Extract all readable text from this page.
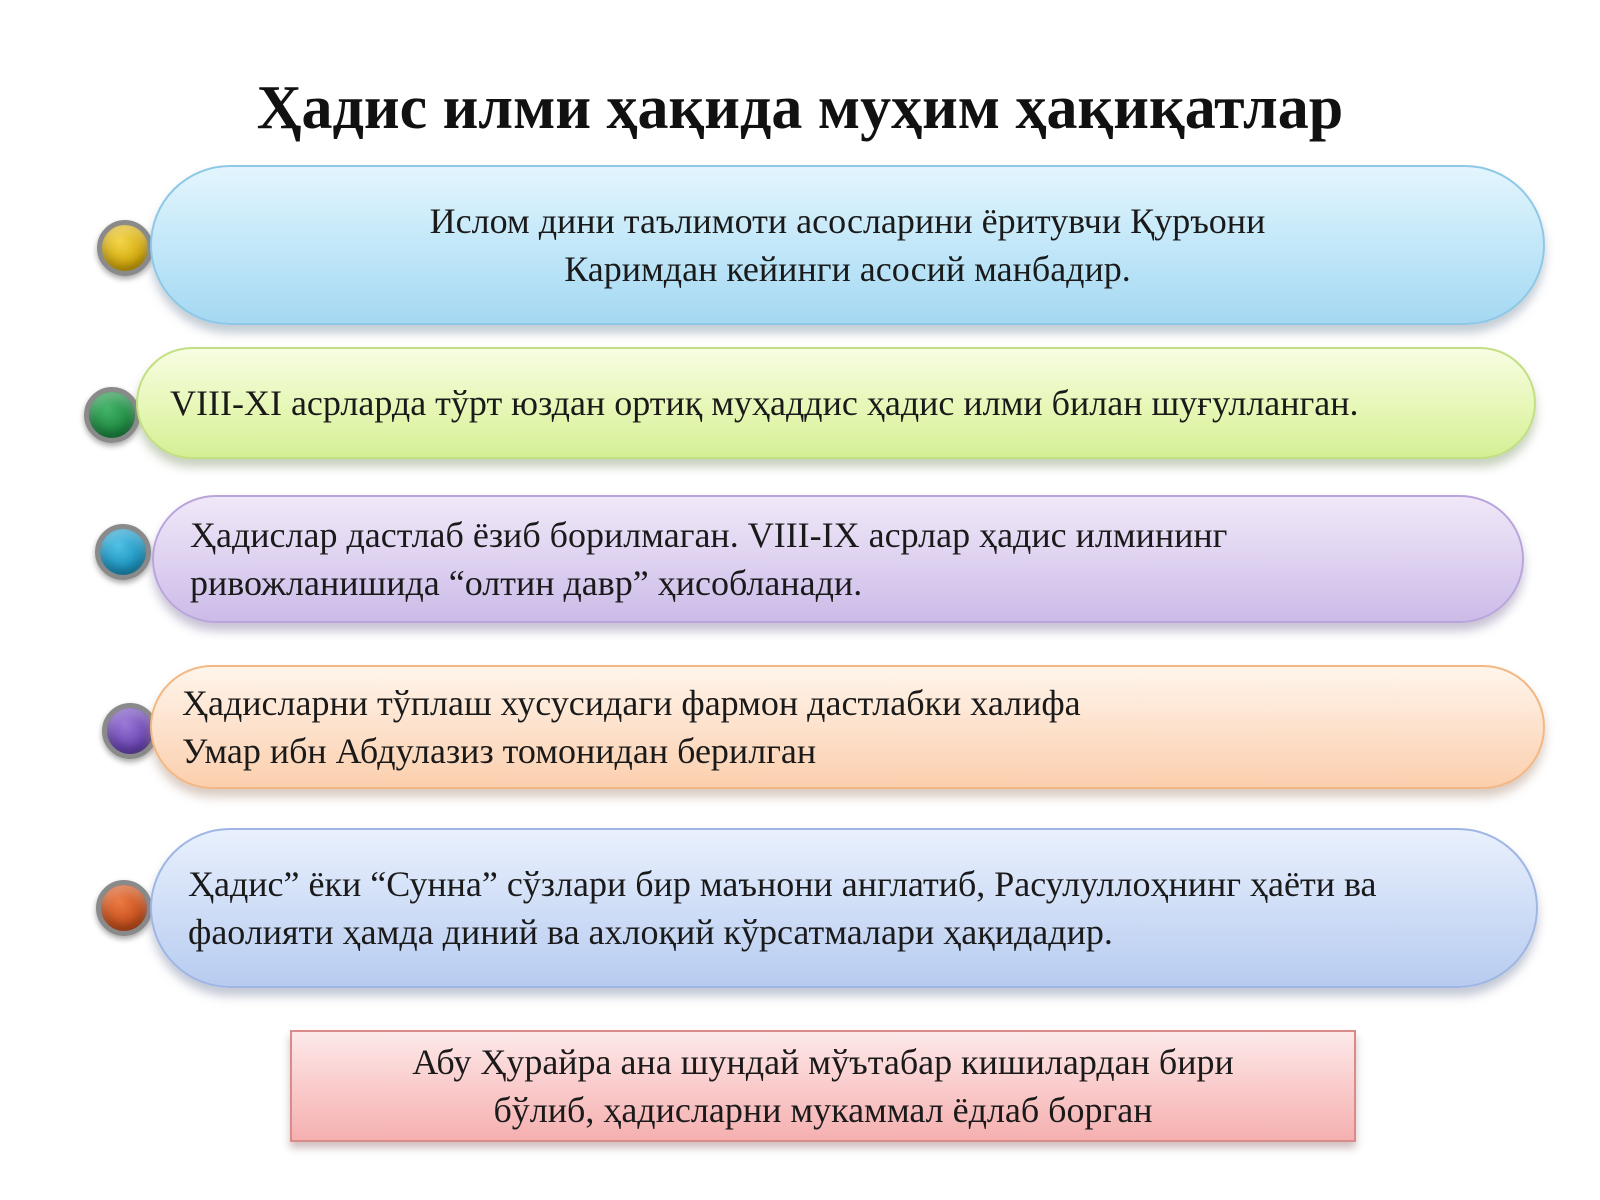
Ҳадис илми ҳақида муҳим ҳақиқатлар
Ислом дини таълимоти асосларини ёритувчи Қуръони
Каримдан кейинги асосий манбадир.
VIII-XI асрларда тўрт юздан ортиқ муҳаддис ҳадис илми билан шуғулланган.
Ҳадислар дастлаб ёзиб борилмаган. VIII-IX асрлар ҳадис илмининг
ривожланишида “олтин давр” ҳисобланади.
Ҳадисларни тўплаш хусусидаги фармон дастлабки халифа
Умар ибн Абдулазиз томонидан берилган
Ҳадис” ёки “Сунна” сўзлари бир маънони англатиб, Расулуллоҳнинг ҳаёти ва
фаолияти ҳамда диний ва ахлоқий кўрсатмалари ҳақидадир.
Абу Ҳурайра ана шундай мўътабар кишилардан бири
бўлиб, ҳадисларни мукаммал ёдлаб борган
